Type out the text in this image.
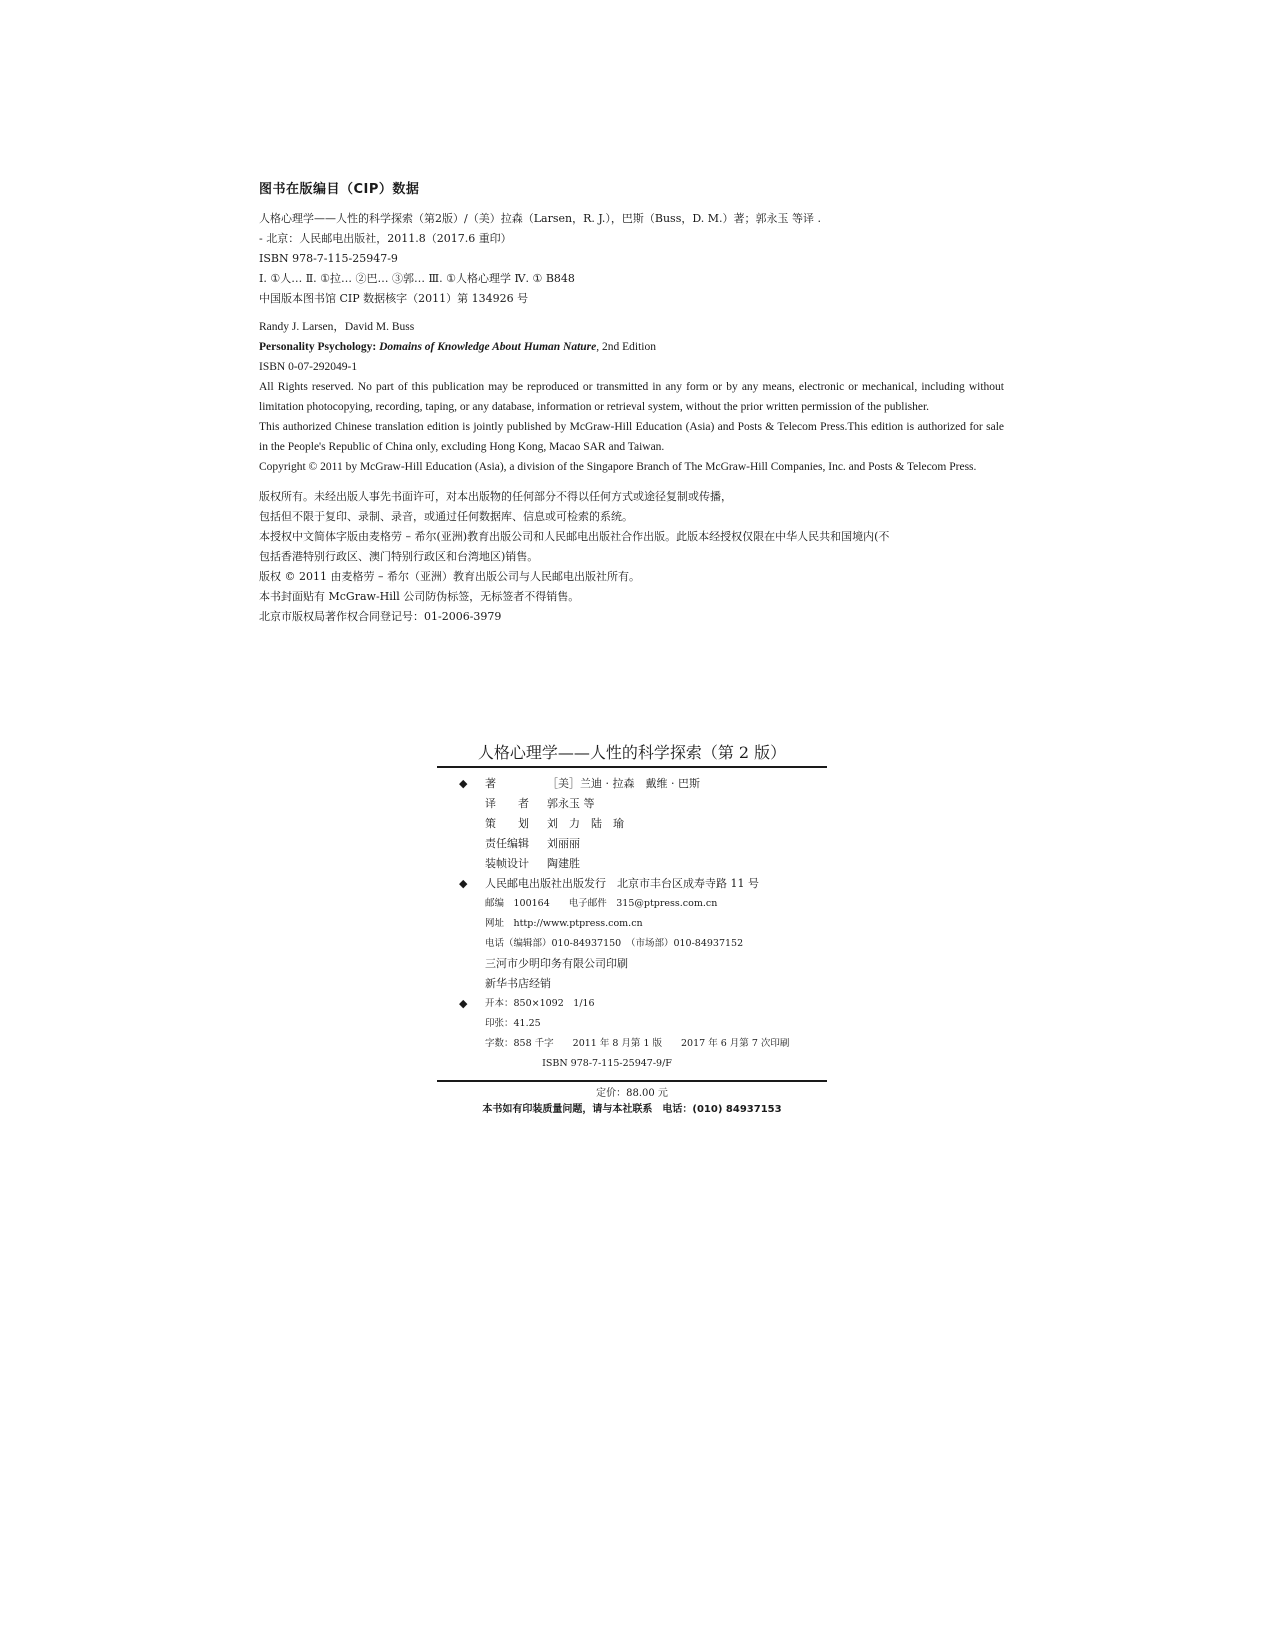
图书在版编目（CIP）数据
人格心理学——人性的科学探索（第2版）/（美）拉森（Larsen，R. J.），巴斯（Buss，D. M.）著；郭永玉 等译 .
- 北京：人民邮电出版社，2011.8（2017.6 重印）
ISBN 978-7-115-25947-9
Ⅰ. ①人… Ⅱ. ①拉… ②巴… ③郭… Ⅲ. ①人格心理学 Ⅳ. ① B848
中国版本图书馆 CIP 数据核字（2011）第 134926 号
Randy J. Larsen，David M. Buss
Personality Psychology: Domains of Knowledge About Human Nature, 2nd Edition
ISBN 0-07-292049-1
All Rights reserved. No part of this publication may be reproduced or transmitted in any form or by any means, electronic or mechanical, including without limitation photocopying, recording, taping, or any database, information or retrieval system, without the prior written permission of the publisher.
This authorized Chinese translation edition is jointly published by McGraw-Hill Education (Asia) and Posts & Telecom Press.This edition is authorized for sale in the People's Republic of China only, excluding Hong Kong, Macao SAR and Taiwan.
Copyright © 2011 by McGraw-Hill Education (Asia), a division of the Singapore Branch of The McGraw-Hill Companies, Inc. and Posts & Telecom Press.
版权所有。未经出版人事先书面许可，对本出版物的任何部分不得以任何方式或途径复制或传播，
包括但不限于复印、录制、录音，或通过任何数据库、信息或可检索的系统。
本授权中文简体字版由麦格劳 – 希尔(亚洲)教育出版公司和人民邮电出版社合作出版。此版本经授权仅限在中华人民共和国境内(不
包括香港特别行政区、澳门特别行政区和台湾地区)销售。
版权 © 2011 由麦格劳 – 希尔（亚洲）教育出版公司与人民邮电出版社所有。
本书封面贴有 McGraw-Hill 公司防伪标签，无标签者不得销售。
北京市版权局著作权合同登记号：01-2006-3979
人格心理学——人性的科学探索（第 2 版）
◆ 著	［美］兰迪 · 拉森　戴维 · 巴斯
译　　者 郭永玉 等
策　　划 刘　力　陆　瑜
责任编辑 刘丽丽
装帧设计 陶建胜
◆ 人民邮电出版社出版发行　北京市丰台区成寿寺路 11 号
邮编　100164　　电子邮件　315@ptpress.com.cn
网址　http://www.ptpress.com.cn
电话（编辑部）010-84937150　（市场部）010-84937152
三河市少明印务有限公司印刷
新华书店经销
◆ 开本：850×1092　1/16
印张：41.25
字数：858 千字　　2011 年 8 月第 1 版　　2017 年 6 月第 7 次印刷
ISBN 978-7-115-25947-9/F
定价：88.00 元
本书如有印装质量问题，请与本社联系　电话：(010) 84937153
